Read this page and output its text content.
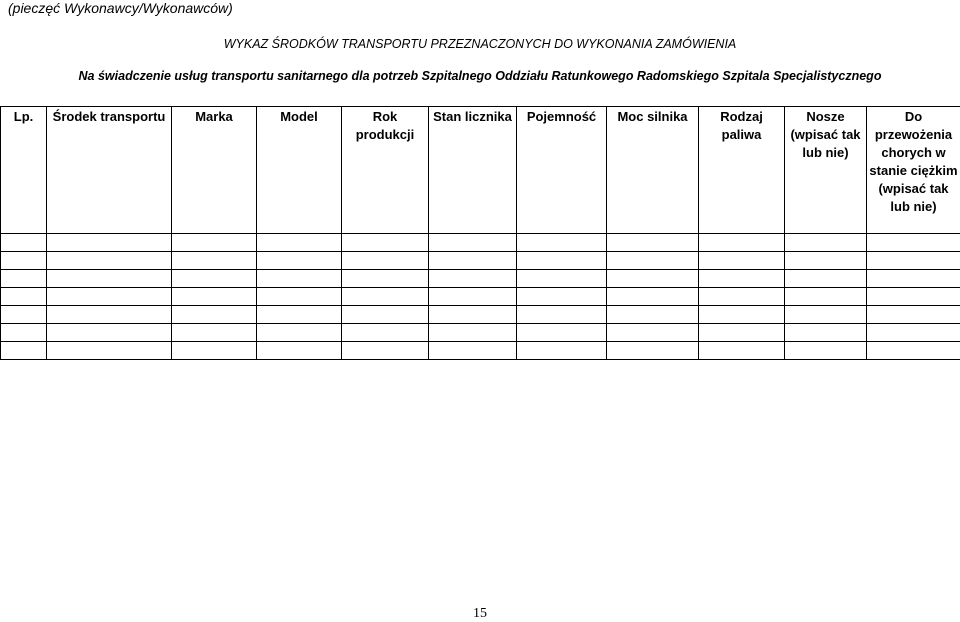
(pieczęć Wykonawcy/Wykonawców)
WYKAZ ŚRODKÓW TRANSPORTU PRZEZNACZONYCH DO WYKONANIA ZAMÓWIENIA
Na świadczenie usług transportu sanitarnego dla potrzeb Szpitalnego Oddziału Ratunkowego Radomskiego Szpitala Specjalistycznego
Lp.	Środek transportu	Marka	Model	Rok produkcji	Stan licznika	Pojemność	Moc silnika	Rodzaj paliwa	Nosze (wpisać tak lub nie)	Do przewożenia chorych w stanie ciężkim (wpisać tak lub nie)

15
